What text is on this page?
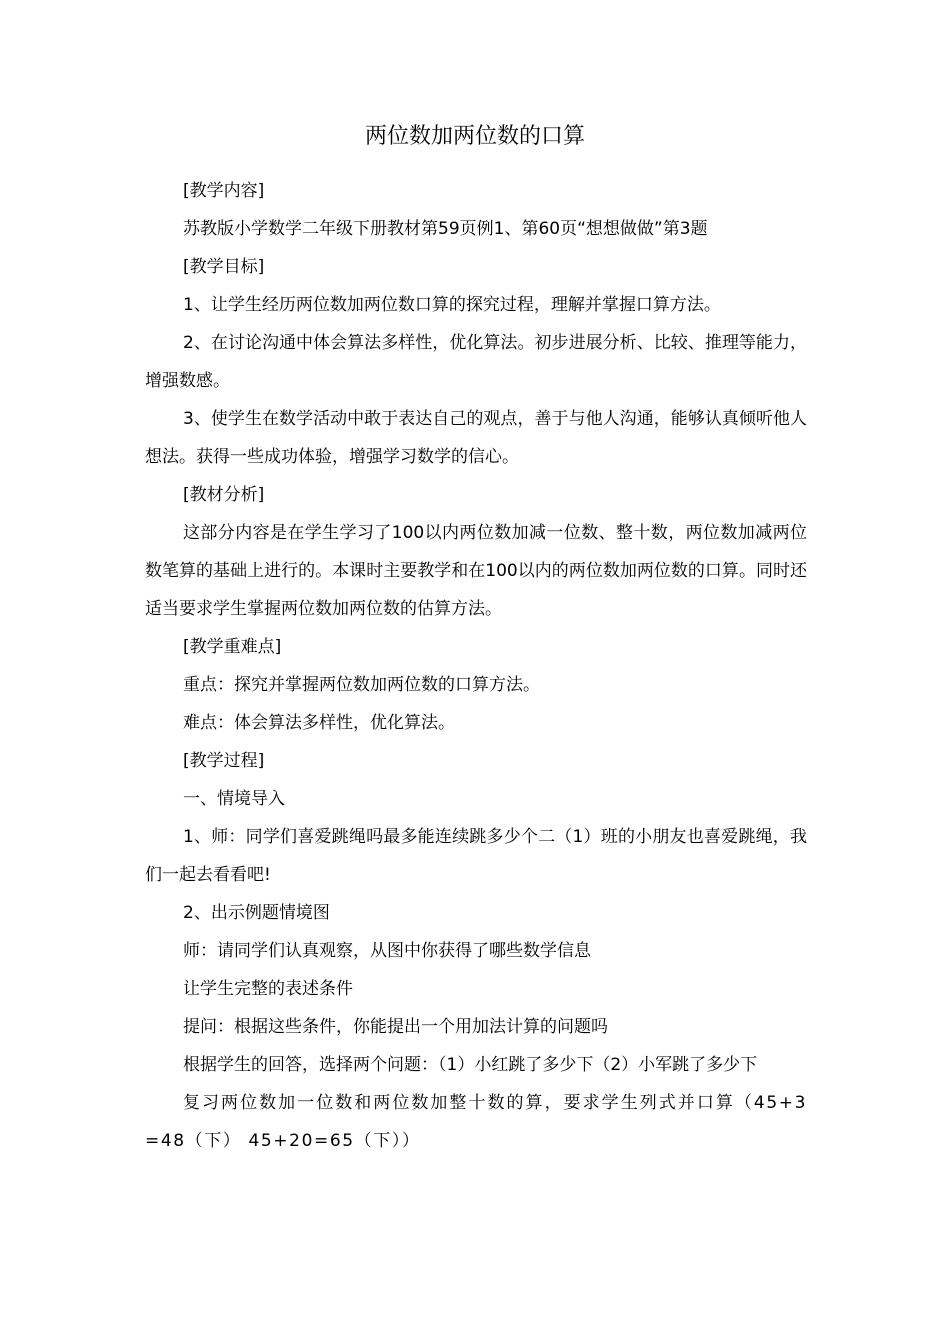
两位数加两位数的口算

[教学内容]

苏教版小学数学二年级下册教材第59页例1、第60页“想想做做”第3题

[教学目标]

1、让学生经历两位数加两位数口算的探究过程，理解并掌握口算方法。

2、在讨论沟通中体会算法多样性，优化算法。初步进展分析、比较、推理等能力，增强数感。

3、使学生在数学活动中敢于表达自己的观点，善于与他人沟通，能够认真倾听他人想法。获得一些成功体验，增强学习数学的信心。

[教材分析]

这部分内容是在学生学习了100以内两位数加减一位数、整十数，两位数加减两位数笔算的基础上进行的。本课时主要教学和在100以内的两位数加两位数的口算。同时还适当要求学生掌握两位数加两位数的估算方法。

[教学重难点]

重点：探究并掌握两位数加两位数的口算方法。

难点：体会算法多样性，优化算法。

[教学过程]

一、情境导入

1、师：同学们喜爱跳绳吗最多能连续跳多少个二（1）班的小朋友也喜爱跳绳，我们一起去看看吧!

2、出示例题情境图

师：请同学们认真观察，从图中你获得了哪些数学信息

让学生完整的表述条件

提问：根据这些条件，你能提出一个用加法计算的问题吗

根据学生的回答，选择两个问题：（1）小红跳了多少下（2）小军跳了多少下

复习两位数加一位数和两位数加整十数的算，要求学生列式并口算（45+3=48（下） 45+20=65（下））
